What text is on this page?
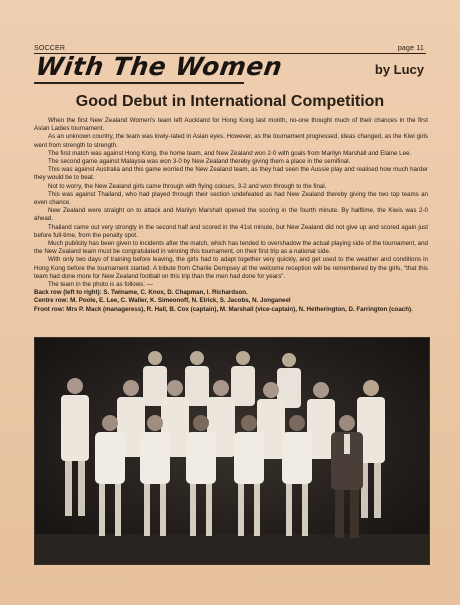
SOCCER	page 11
With The Women	by Lucy
Good Debut in International Competition

When the first New Zealand Women's team left Auckland for Hong Kong last month, no-one thought much of their chances in the first Asian Ladies tournament.

As an unknown country, the team was lowly-rated in Asian eyes. However, as the tournament progressed, ideas changed, as the Kiwi girls went from strength to strength.

The first match was against Hong Kong, the home team, and New Zealand won 2-0 with goals from Marilyn Marshall and Elaine Lee.

The second game against Malaysia was won 3-0 by New Zealand thereby giving them a place in the semifinal.

This was against Australia and this game worried the New Zealand team, as they had seen the Aussie play and realised how much harder they would be to beat.

Not to worry, the New Zealand girls came through with flying colours, 3-2 and won through to the final.

This was against Thailand, who had played through their section undefeated as had New Zealand thereby giving the two top teams an even chance.

New Zealand were straight on to attack and Marilyn Marshall opened the scoring in the fourth minute. By halftime, the Kiwis was 2-0 ahead.

Thailand came out very strongly in the second half and scored in the 41st minute, but New Zealand did not give up and scored again just before full-time, from the penalty spot.

Much publicity has been given to incidents after the match, which has tended to overshadow the actual playing side of the tournament, and the New Zealand team must be congratulated in winning this tournament, on their first trip as a national side.

With only two days of training before leaving, the girls had to adapt together very quickly, and get used to the weather and conditions in Hong Kong before the tournament started. A tribute from Charlie Dempsey at the welcome reception will be remembered by the girls, "that this team had done more for New Zealand football on this trip than the men had done for years".

The team in the photo is as follows: —

Back row (left to right): S. Twiname, C. Knox, D. Chapman, I. Richardson.

Centre row: M. Poole, E. Lee, C. Waller, K. Simeonoff, N. Elrick, S. Jacobs, N. Jonganeel

Front row: Mrs P. Mack (manageress), R. Hall, B. Cox (captain), M. Marshall (vice-captain), N. Hetherington, D. Farrington (coach).
